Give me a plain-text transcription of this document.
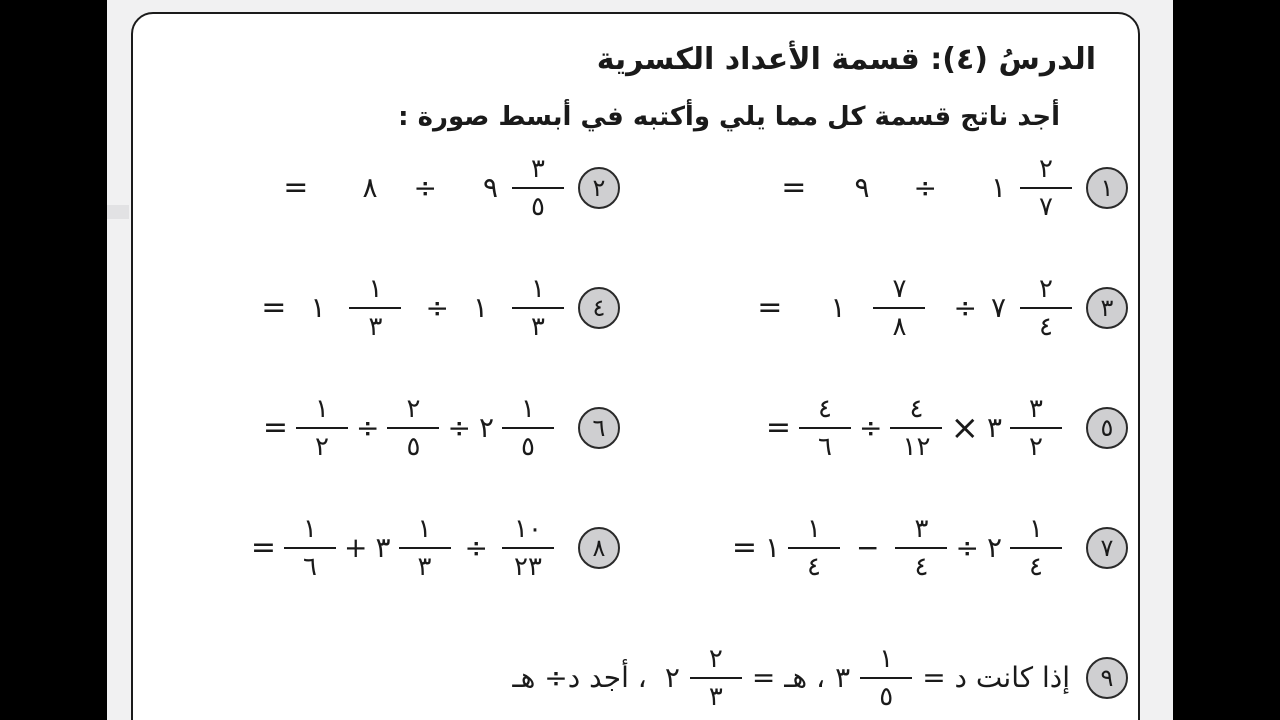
الدرسُ (٤): قسمة الأعداد الكسرية

أجد ناتج قسمة كل مما يلي وأكتبه في أبسط صورة :

= ٩ ÷ ١ $\frac{٢}{٧}$	١
= ٨ ÷ ٩ $\frac{٣}{٥}$	٢
= ١ $\frac{٧}{٨}$ ÷ ٧ $\frac{٢}{٤}$	٣
= ١ $\frac{١}{٣}$ ÷ ١ $\frac{١}{٣}$	٤
= $\frac{٤}{٦} \div \frac{٤}{١٢}$ × ٣ $\frac{٣}{٢}$	٥
= $\frac{١}{٢} \div \frac{٢}{٥}$ ÷ ٢ $\frac{١}{٥}$	٦
= ١ $\frac{١}{٤} - \frac{٣}{٤}$ ÷ ٢ $\frac{١}{٤}$	٧
= $\frac{١}{٦}$ + ٣ $\frac{١}{٣} \div \frac{١٠}{٢٣}$	٨
، أجد د÷ هـ ٢ $\frac{٢}{٣}$ ، هـ = ٣ $\frac{١}{٥}$ إذا كانت د =	٩
